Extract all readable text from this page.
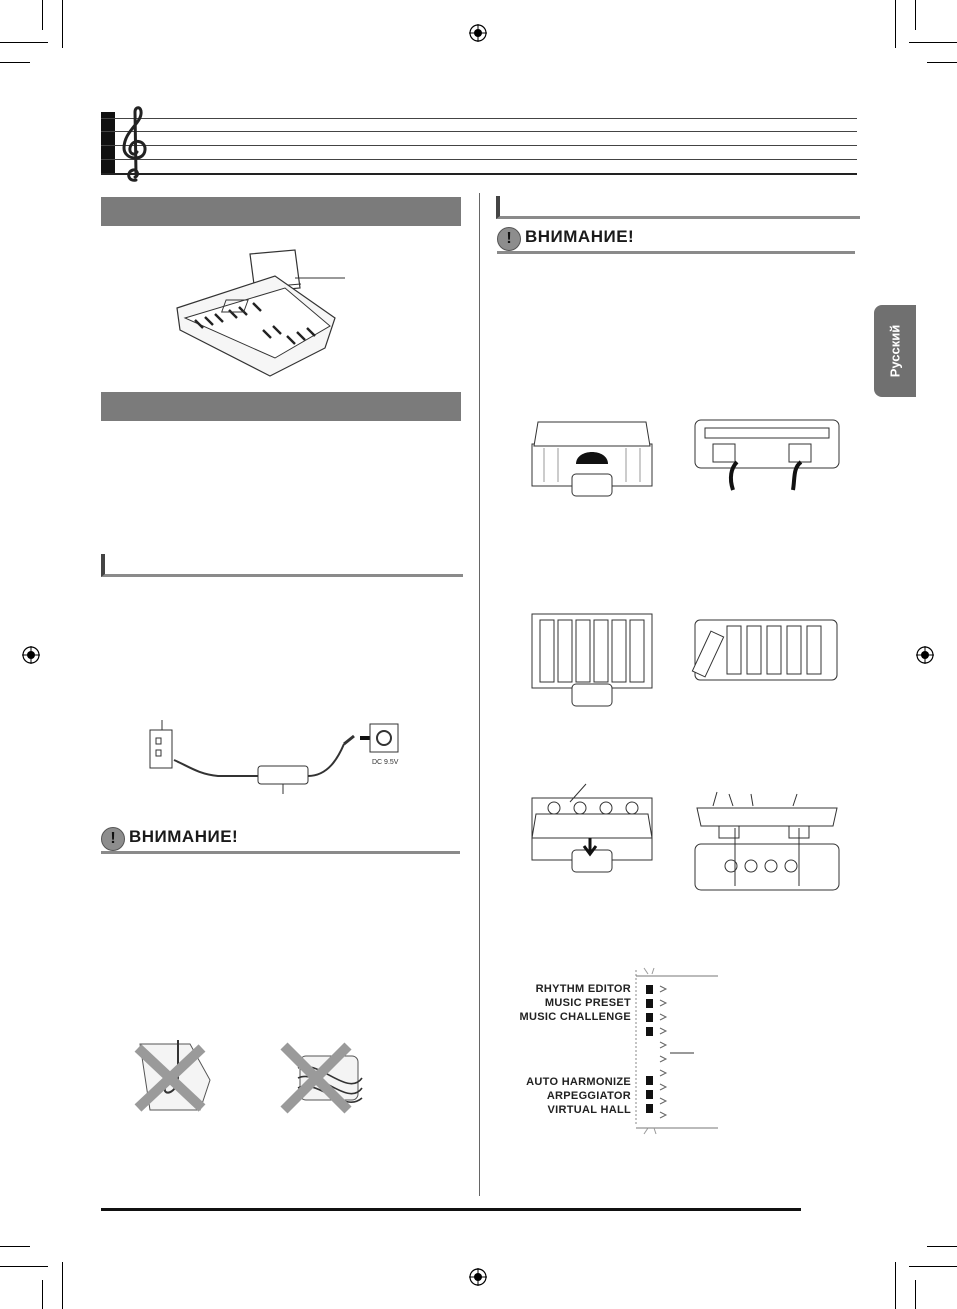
DC 9.5V
! ВНИМАНИЕ!
! ВНИМАНИЕ!
RHYTHM EDITOR
MUSIC PRESET
MUSIC CHALLENGE
AUTO HARMONIZE
ARPEGGIATOR
VIRTUAL HALL
Русский
